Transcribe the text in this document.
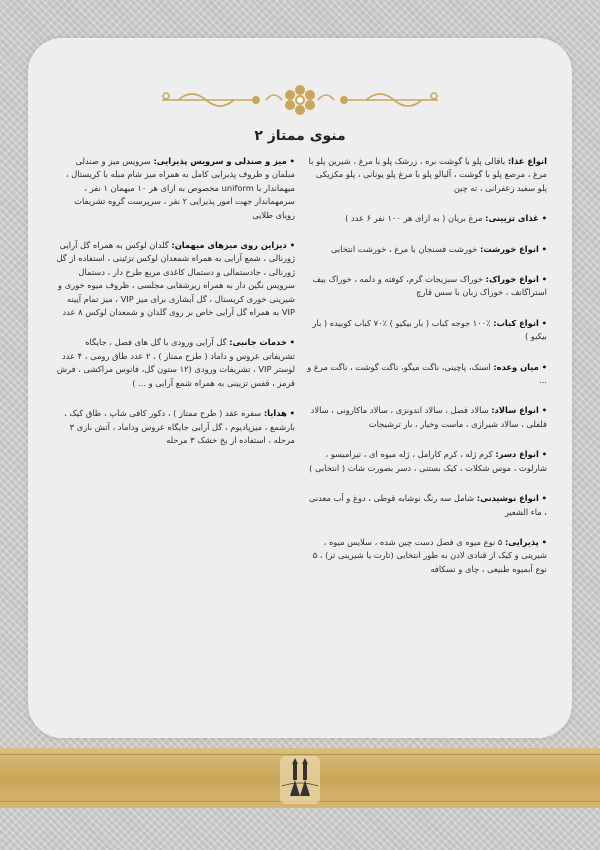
منوی ممتاز ۲
انواع غذا: باقالی پلو با گوشت بره ، زرشک پلو با مرغ ، شیرین پلو با مرغ ، مرصع پلو با گوشت ، آلبالو پلو با مرغ پلو یونانی ، پلو مکزیکی پلو سفید زعفرانی ، ته چین
• غذای تزیینی: مرغ بریان ( به ازای هر ۱۰۰ نفر ۶ عدد )
• انواع خورشت: خورشت فسنجان با مرغ ، خورشت انتخابی
• انواع خوراک: خوراک سبزیجات گرم، کوفته و دلمه ، خوراک بیف استراگانف ، خوراک زبان با سس قارچ
• انواع کباب: ٪۱۰۰ جوجه کباب ( بار بیکیو ) ٪۷۰ کباب کوبیده ( بار بیکیو )
• میان وعده: اسنک، پاچینی، ناگت میگو، ناگت گوشت ، ناگت مرغ و ...
• انواع سالاد: سالاد فصل ، سالاد اندونزی ، سالاد ماکارونی ، سالاد فلفلی ، سالاد شیرازی ، ماست وخیار ، بار ترشیجات
• انواع دسر: کرم ژله ، کرم کارامل ، ژله میوه ای ، تیرامیسو ، شارلوت ، موس شکلات ، کیک بستنی ، دسر بصورت شات ( انتخابی )
• انواع نوشیدنی: شامل سه رنگ نوشابه قوطی ، دوغ و آب معدنی ، ماء الشعیر
• پذیرایی: ۵ نوع میوه ی فصل دست چین شده ، سلایس میوه ، شیرینی و کیک از قنادی لادن به طور انتخابی (تارت یا شیرینی تر) ، ۵ نوع آبمیوه طبیعی ، چای و نسکافه
• میز و صندلی و سرویس پذیرایی: سرویس میز و صندلی مبلمان و ظروف پذیرایی کامل به همراه میز شام مبله با کریستال ، میهماندار با uniform مخصوص به ازای هر ۱۰ میهمان ۱ نفر ، سرمهماندار جهت امور پذیرایی ۲ نفر ، سرپرست گروه تشریفات رویای طلایی
• دیزاین روی میزهای میهمان: گلدان لوکس به همراه گل آرایی ژورنالی ، شمع آرایی به همراه شمعدان لوکس تزئینی ، استفاده از گل ژورنالی ، جادستمالی و دستمال کاغذی مربع طرح دار ، دستمال سرویس نگین دار به همراه زیرشقابی مجلسی ، ظروف میوه خوری و شیرینی خوری کریستال ، گل آبشاری برای میز VIP ، میز تمام آیینه VIP به همراه گل آرایی خاص بر روی گلدان و شمعدان لوکس ۸ عدد
• خدمات جانبی: گل آرایی ورودی با گل های فصل ، جایگاه تشریفاتی عروس و داماد ( طرح ممتاز ) ، ۲ عدد طاق رومی ، ۴ عدد لوستر VIP ، تشریفات ورودی (۱۲ ستون گل، فانوس مراکشی ، فرش قرمز ، قفس تزیینی به همراه شمع آرایی و ... )
• هدایا: سفره عقد ( طرح ممتاز ) ، دکور کافی شاپ ، طاق کیک ، بارشمع ، میزپادیوم ، گل آرایی جایگاه عروس وداماد ، آتش بازی ۳ مرحله ، استفاده از یخ خشک ۳ مرحله
